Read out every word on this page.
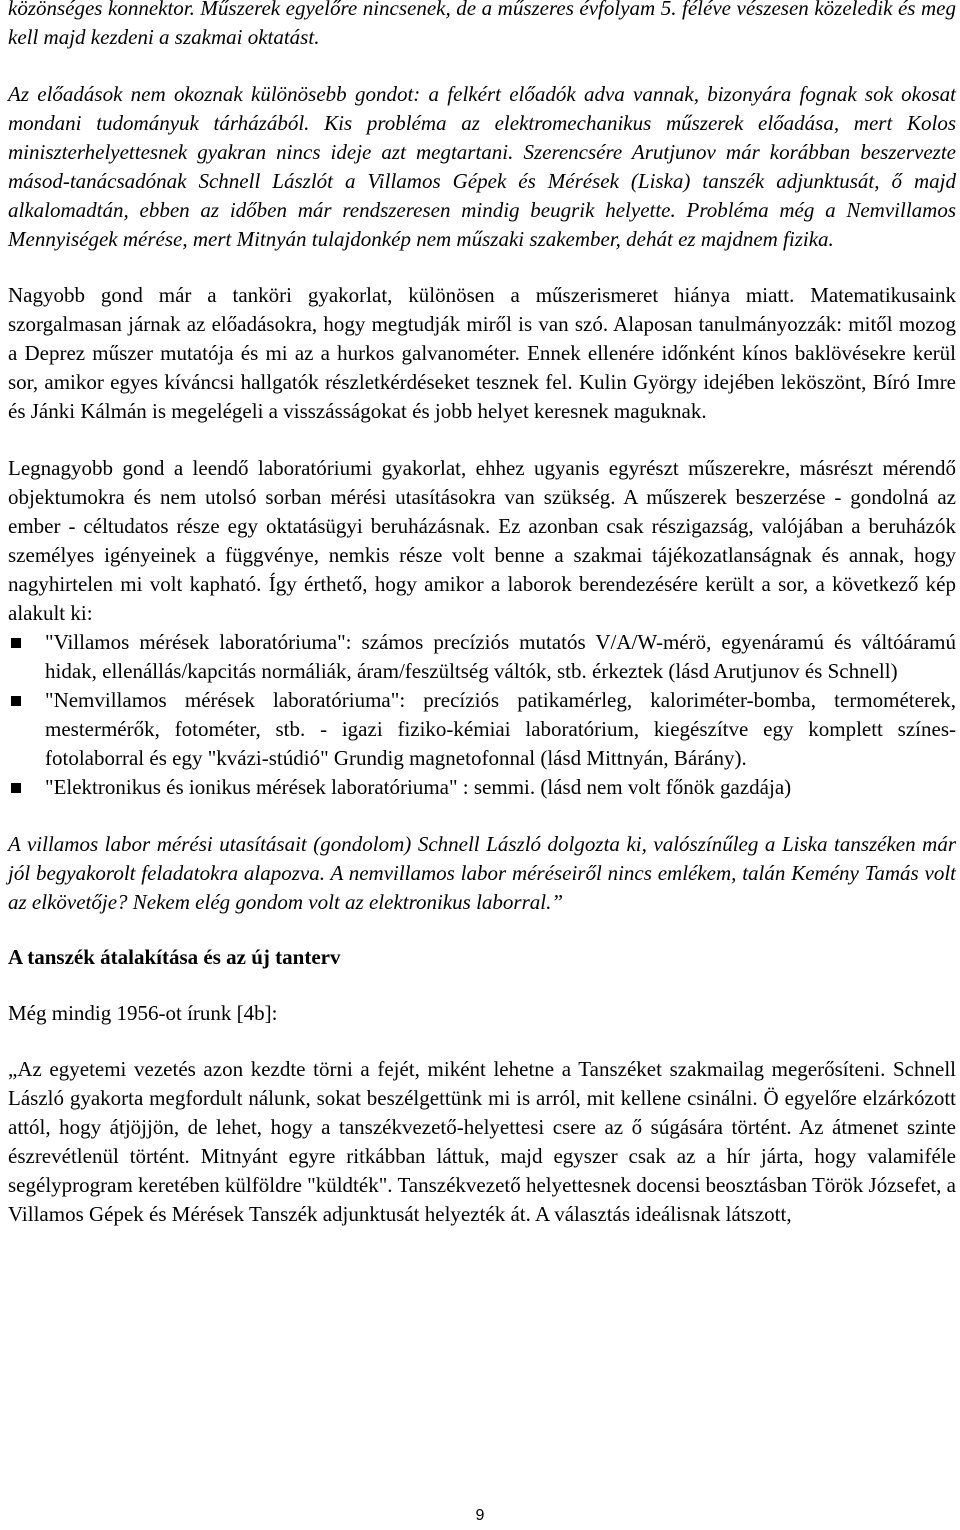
közönséges konnektor. Műszerek egyelőre nincsenek, de a műszeres évfolyam 5. féléve vészesen közeledik és meg kell majd kezdeni a szakmai oktatást.

Az előadások nem okoznak különösebb gondot: a felkért előadók adva vannak, bizonyára fognak sok okosat mondani tudományuk tárházából. Kis probléma az elektromechanikus műszerek előadása, mert Kolos miniszterhelyettesnek gyakran nincs ideje azt megtartani. Szerencsére Arutjunov már korábban beszervezte másod-tanácsadónak Schnell Lászlót a Villamos Gépek és Mérések (Liska) tanszék adjunktusát, ő majd alkalomadtán, ebben az időben már rendszeresen mindig beugrik helyette. Probléma még a Nemvillamos Mennyiségek mérése, mert Mitnyán tulajdonkép nem műszaki szakember, dehát ez majdnem fizika.

Nagyobb gond már a tanköri gyakorlat, különösen a műszerismeret hiánya miatt. Matematikusaink szorgalmasan járnak az előadásokra, hogy megtudják miről is van szó. Alaposan tanulmányozzák: mitől mozog a Deprez műszer mutatója és mi az a hurkos galvanométer. Ennek ellenére időnként kínos baklövésekre kerül sor, amikor egyes kíváncsi hallgatók részletkérdéseket tesznek fel. Kulin György idejében leköszönt, Bíró Imre és Jánki Kálmán is megelégeli a visszásságokat és jobb helyet keresnek maguknak.

Legnagyobb gond a leendő laboratóriumi gyakorlat, ehhez ugyanis egyrészt műszerekre, másrészt mérendő objektumokra és nem utolsó sorban mérési utasításokra van szükség. A műszerek beszerzése - gondolná az ember - céltudatos része egy oktatásügyi beruházásnak. Ez azonban csak részigazság, valójában a beruházók személyes igényeinek a függvénye, nemkis része volt benne a szakmai tájékozatlanságnak és annak, hogy nagyhirtelen mi volt kapható. Így érthető, hogy amikor a laborok berendezésére került a sor, a következő kép alakult ki:

"Villamos mérések laboratóriuma": számos precíziós mutatós V/A/W-mérö, egyenáramú és váltóáramú hidak, ellenállás/kapcitás normáliák, áram/feszültség váltók, stb. érkeztek (lásd Arutjunov és Schnell)
"Nemvillamos mérések laboratóriuma": precíziós patikamérleg, kaloriméter-bomba, termométerek, mestermérők, fotométer, stb. - igazi fiziko-kémiai laboratórium, kiegészítve egy komplett színes-fotolaborral és egy "kvázi-stúdió" Grundig magnetofonnal (lásd Mittnyán, Bárány).
"Elektronikus és ionikus mérések laboratóriuma" : semmi. (lásd nem volt főnök gazdája)

A villamos labor mérési utasításait (gondolom) Schnell László dolgozta ki, valószínűleg a Liska tanszéken már jól begyakorolt feladatokra alapozva. A nemvillamos labor méréseiről nincs emlékem, talán Kemény Tamás volt az elkövetője? Nekem elég gondom volt az elektronikus laborral.”

A tanszék átalakítása és az új tanterv

Még mindig 1956-ot írunk [4b]:

„Az egyetemi vezetés azon kezdte törni a fejét, miként lehetne a Tanszéket szakmailag megerősíteni. Schnell László gyakorta megfordult nálunk, sokat beszélgettünk mi is arról, mit kellene csinálni. Ö egyelőre elzárkózott attól, hogy átjöjjön, de lehet, hogy a tanszékvezető-helyettesi csere az ő súgására történt. Az átmenet szinte észrevétlenül történt. Mitnyánt egyre ritkábban láttuk, majd egyszer csak az a hír járta, hogy valamiféle segélyprogram keretében külföldre "küldték". Tanszékvezető helyettesnek docensi beosztásban Török Józsefet, a Villamos Gépek és Mérések Tanszék adjunktusát helyezték át. A választás ideálisnak látszott,

9
